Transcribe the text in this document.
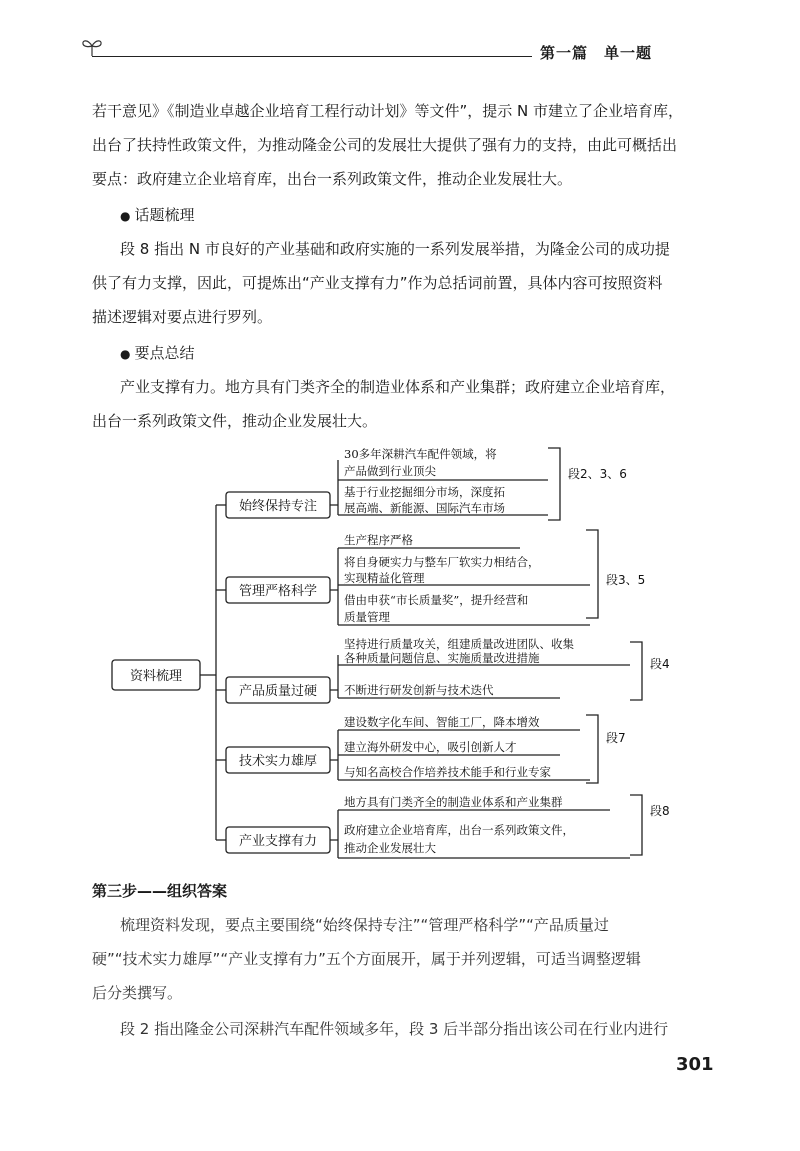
第一篇　单一题
若干意见》《制造业卓越企业培育工程行动计划》等文件”，提示 N 市建立了企业培育库，
出台了扶持性政策文件，为推动隆金公司的发展壮大提供了强有力的支持，由此可概括出
要点：政府建立企业培育库，出台一系列政策文件，推动企业发展壮大。
● 话题梳理
段 8 指出 N 市良好的产业基础和政府实施的一系列发展举措，为隆金公司的成功提
供了有力支撑，因此，可提炼出“产业支撑有力”作为总括词前置，具体内容可按照资料
描述逻辑对要点进行罗列。
● 要点总结
产业支撑有力。地方具有门类齐全的制造业体系和产业集群；政府建立企业培育库，
出台一系列政策文件，推动企业发展壮大。
资料梳理
始终保持专注
30多年深耕汽车配件领域，将
产品做到行业顶尖
基于行业挖掘细分市场，深度拓
展高端、新能源、国际汽车市场
段2、3、6
管理严格科学
生产程序严格
将自身硬实力与整车厂软实力相结合，
实现精益化管理
借由申获“市长质量奖”，提升经营和
质量管理
段3、5
产品质量过硬
坚持进行质量攻关，组建质量改进团队、收集
各种质量问题信息、实施质量改进措施
不断进行研发创新与技术迭代
段4
技术实力雄厚
建设数字化车间、智能工厂，降本增效
建立海外研发中心，吸引创新人才
与知名高校合作培养技术能手和行业专家
段7
产业支撑有力
地方具有门类齐全的制造业体系和产业集群
政府建立企业培育库，出台一系列政策文件，
推动企业发展壮大
段8
第三步——组织答案
梳理资料发现，要点主要围绕“始终保持专注”“管理严格科学”“产品质量过
硬”“技术实力雄厚”“产业支撑有力”五个方面展开，属于并列逻辑，可适当调整逻辑
后分类撰写。
段 2 指出隆金公司深耕汽车配件领域多年，段 3 后半部分指出该公司在行业内进行
301
